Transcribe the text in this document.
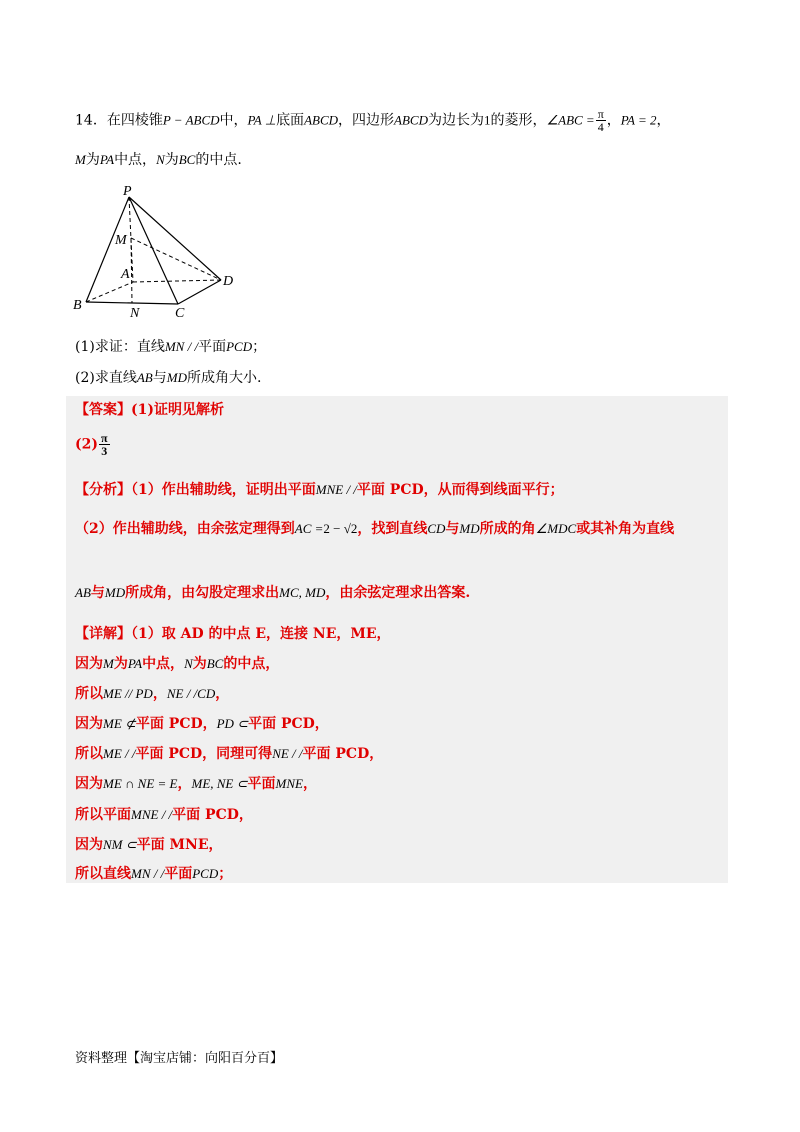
14．在四棱锥P − ABCD中，PA ⊥底面ABCD，四边形ABCD为边长为1的菱形，∠ABC = $\frac{\pi}{4}$ ，PA = 2，
M为PA中点，N为BC的中点.
P
M
A	D
B
N	C
(1)求证：直线MN / /平面PCD；
(2)求直线AB与MD所成角大小.
【答案】(1)证明见解析
$(2) \frac{\pi}{3}$
【分析】（1）作出辅助线，证明出平面MNE / /平面 PCD，从而得到线面平行；
（2）作出辅助线，由余弦定理得到AC =2 − √2，找到直线CD与MD所成的角∠MDC或其补角为直线
AB与MD所成角，由勾股定理求出MC, MD，由余弦定理求出答案.
【详解】（1）取 AD 的中点 E，连接 NE，ME，
因为M为PA中点，N为BC的中点，
所以ME // PD，NE / /CD，
因为ME ⊄平面 PCD，PD ⊂平面 PCD，
所以ME / /平面 PCD，同理可得NE / /平面 PCD，
因为ME ∩ NE = E，ME, NE ⊂平面MNE，
所以平面MNE / /平面 PCD，
因为NM ⊂平面 MNE，
所以直线MN / /平面PCD；
资料整理【淘宝店铺：向阳百分百】
